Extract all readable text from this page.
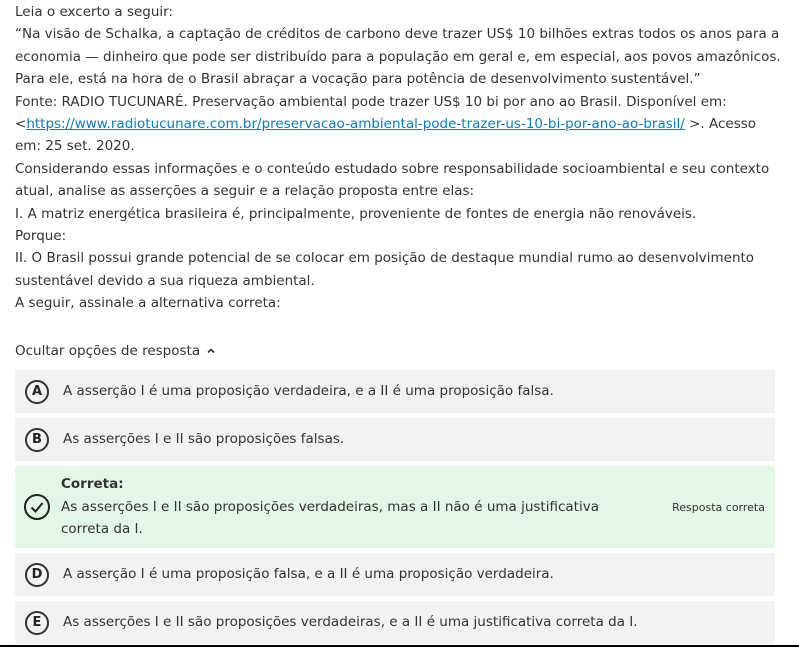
Leia o excerto a seguir:

“Na visão de Schalka, a captação de créditos de carbono deve trazer US$ 10 bilhões extras todos os anos para a economia — dinheiro que pode ser distribuído para a população em geral e, em especial, aos povos amazônicos. Para ele, está na hora de o Brasil abraçar a vocação para potência de desenvolvimento sustentável.”

Fonte: RADIO TUCUNARÉ. Preservação ambiental pode trazer US$ 10 bi por ano ao Brasil. Disponível em:
<https://www.radiotucunare.com.br/preservacao-ambiental-pode-trazer-us-10-bi-por-ano-ao-brasil/ >. Acesso em: 25 set. 2020.

Considerando essas informações e o conteúdo estudado sobre responsabilidade socioambiental e seu contexto atual, analise as asserções a seguir e a relação proposta entre elas:

I. A matriz energética brasileira é, principalmente, proveniente de fontes de energia não renováveis.

Porque:

II. O Brasil possui grande potencial de se colocar em posição de destaque mundial rumo ao desenvolvimento sustentável devido a sua riqueza ambiental.

A seguir, assinale a alternativa correta:

Ocultar opções de resposta
A	A asserção I é uma proposição verdadeira, e a II é uma proposição falsa.
B	As asserções I e II são proposições falsas.
Correta:
As asserções I e II são proposições verdadeiras, mas a II não é uma justificativa correta da I.
Resposta correta
D	A asserção I é uma proposição falsa, e a II é uma proposição verdadeira.
E	As asserções I e II são proposições verdadeiras, e a II é uma justificativa correta da I.
